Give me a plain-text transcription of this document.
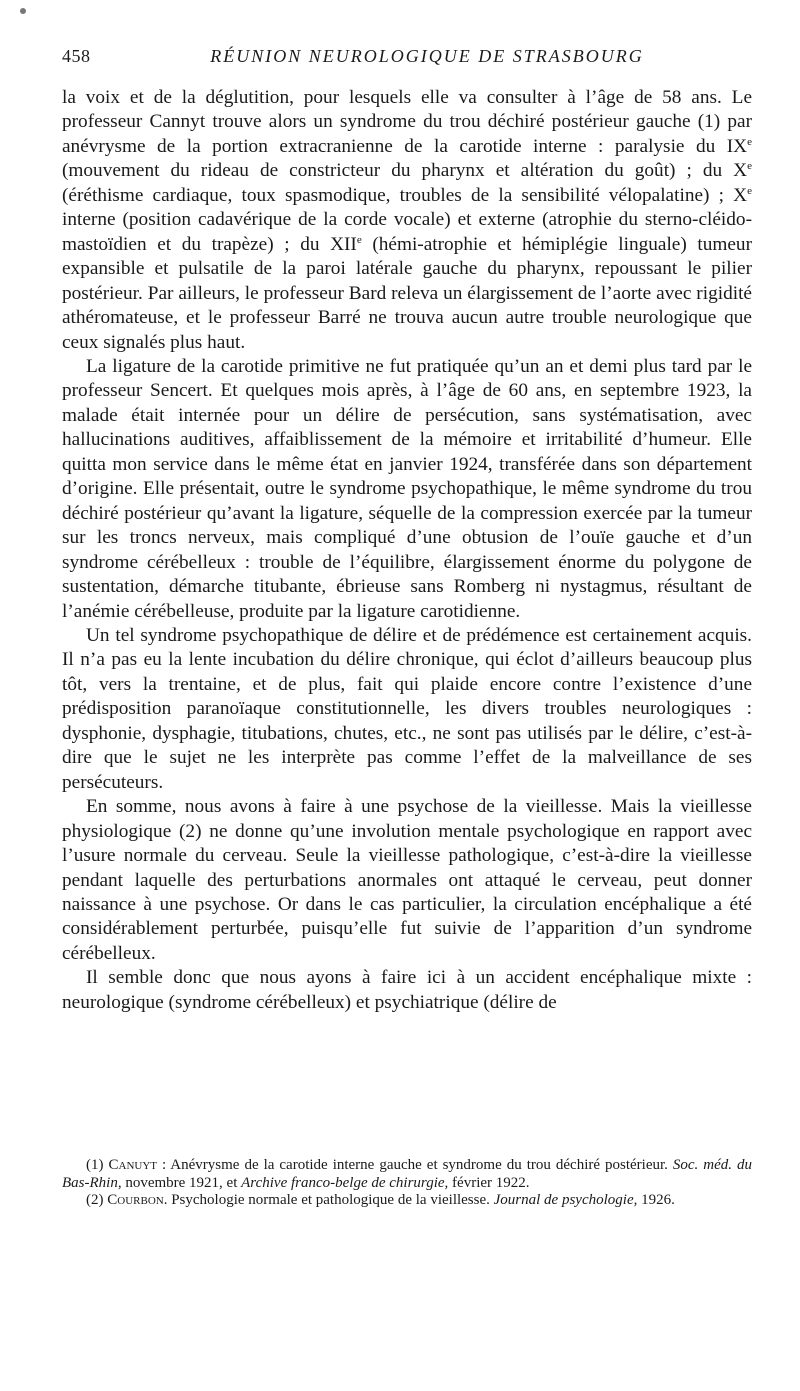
458	RÉUNION NEUROLOGIQUE DE STRASBOURG

la voix et de la déglutition, pour lesquels elle va consulter à l’âge de 58 ans. Le professeur Cannyt trouve alors un syndrome du trou déchiré postérieur gauche (1) par anévrysme de la portion extracranienne de la carotide interne : paralysie du IXe (mouvement du rideau de constricteur du pharynx et altération du goût) ; du Xe (éréthisme cardiaque, toux spasmodique, troubles de la sensibilité vélopalatine) ; Xe interne (position cadavérique de la corde vocale) et externe (atrophie du sterno-cléido-mastoïdien et du trapèze) ; du XIIe (hémi-atrophie et hémiplégie linguale) tumeur expansible et pulsatile de la paroi latérale gauche du pharynx, repoussant le pilier postérieur. Par ailleurs, le professeur Bard releva un élargissement de l’aorte avec rigidité athéromateuse, et le professeur Barré ne trouva aucun autre trouble neurologique que ceux signalés plus haut.

La ligature de la carotide primitive ne fut pratiquée qu’un an et demi plus tard par le professeur Sencert. Et quelques mois après, à l’âge de 60 ans, en septembre 1923, la malade était internée pour un délire de persécution, sans systématisation, avec hallucinations auditives, affaiblissement de la mémoire et irritabilité d’humeur. Elle quitta mon service dans le même état en janvier 1924, transférée dans son département d’origine. Elle présentait, outre le syndrome psychopathique, le même syndrome du trou déchiré postérieur qu’avant la ligature, séquelle de la compression exercée par la tumeur sur les troncs nerveux, mais compliqué d’une obtusion de l’ouïe gauche et d’un syndrome cérébelleux : trouble de l’équilibre, élargissement énorme du polygone de sustentation, démarche titubante, ébrieuse sans Romberg ni nystagmus, résultant de l’anémie cérébelleuse, produite par la ligature carotidienne.

Un tel syndrome psychopathique de délire et de prédémence est certainement acquis. Il n’a pas eu la lente incubation du délire chronique, qui éclot d’ailleurs beaucoup plus tôt, vers la trentaine, et de plus, fait qui plaide encore contre l’existence d’une prédisposition paranoïaque constitutionnelle, les divers troubles neurologiques : dysphonie, dysphagie, titubations, chutes, etc., ne sont pas utilisés par le délire, c’est-à-dire que le sujet ne les interprète pas comme l’effet de la malveillance de ses persécuteurs.

En somme, nous avons à faire à une psychose de la vieillesse. Mais la vieillesse physiologique (2) ne donne qu’une involution mentale psychologique en rapport avec l’usure normale du cerveau. Seule la vieillesse pathologique, c’est-à-dire la vieillesse pendant laquelle des perturbations anormales ont attaqué le cerveau, peut donner naissance à une psychose. Or dans le cas particulier, la circulation encéphalique a été considérablement perturbée, puisqu’elle fut suivie de l’apparition d’un syndrome cérébelleux.

Il semble donc que nous ayons à faire ici à un accident encéphalique mixte : neurologique (syndrome cérébelleux) et psychiatrique (délire de

(1) Canuyt : Anévrysme de la carotide interne gauche et syndrome du trou déchiré postérieur. Soc. méd. du Bas-Rhin, novembre 1921, et Archive franco-belge de chirurgie, février 1922.

(2) Courbon. Psychologie normale et pathologique de la vieillesse. Journal de psychologie, 1926.
